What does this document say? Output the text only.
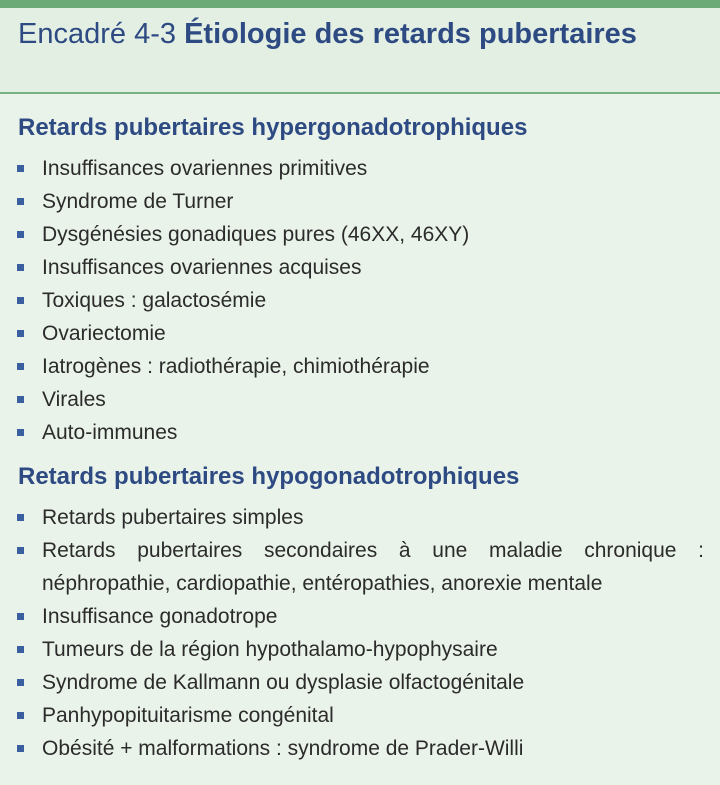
Encadré 4-3 Étiologie des retards pubertaires
Retards pubertaires hypergonadotrophiques
Insuffisances ovariennes primitives
Syndrome de Turner
Dysgénésies gonadiques pures (46XX, 46XY)
Insuffisances ovariennes acquises
Toxiques : galactosémie
Ovariectomie
Iatrogènes : radiothérapie, chimiothérapie
Virales
Auto-immunes
Retards pubertaires hypogonadotrophiques
Retards pubertaires simples
Retards pubertaires secondaires à une maladie chronique : néphropathie, cardiopathie, entéropathies, anorexie mentale
Insuffisance gonadotrope
Tumeurs de la région hypothalamo-hypophysaire
Syndrome de Kallmann ou dysplasie olfactogénitale
Panhypopituitarisme congénital
Obésité + malformations : syndrome de Prader-Willi
